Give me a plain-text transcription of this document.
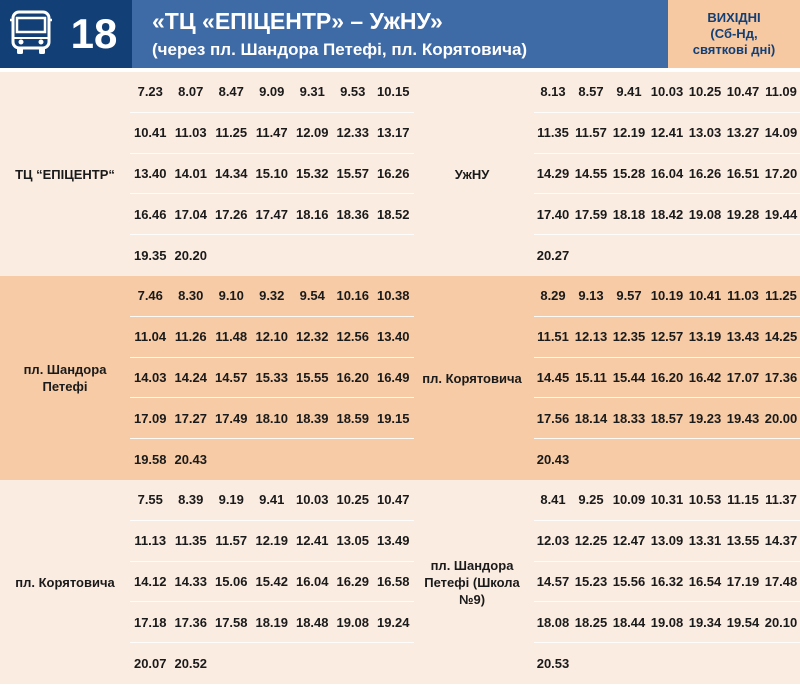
18	«ТЦ «ЕПІЦЕНТР» – УжНУ»
(через пл. Шандора Петефі, пл. Корятовича)
ВИХІДНІ
(Сб-Нд,
святкові дні)
ТЦ “ЕПІЦЕНТР“
7.23	8.07	8.47	9.09	9.31	9.53 10.15
10.41 11.03 11.25 11.47 12.09 12.33 13.17
13.40 14.01 14.34 15.10 15.32 15.57 16.26
16.46 17.04 17.26 17.47 18.16 18.36 18.52
19.35 20.20
УжНУ
8.13 8.57 9.41 10.03 10.25 10.47 11.09
11.35 11.57 12.19 12.41 13.03 13.27 14.09
14.29 14.55 15.28 16.04 16.26 16.51 17.20
17.40 17.59 18.18 18.42 19.08 19.28 19.44
20.27
пл. Шандора Петефі
7.46	8.30	9.10	9.32	9.54 10.16 10.38
11.04 11.26 11.48 12.10 12.32 12.56 13.40
14.03 14.24 14.57 15.33 15.55 16.20 16.49
17.09 17.27 17.49 18.10 18.39 18.59 19.15
19.58 20.43
пл. Корятовича
8.29 9.13 9.57 10.19 10.41 11.03 11.25
11.51 12.13 12.35 12.57 13.19 13.43 14.25
14.45 15.11 15.44 16.20 16.42 17.07 17.36
17.56 18.14 18.33 18.57 19.23 19.43 20.00
20.43
пл. Корятовича
7.55	8.39	9.19	9.41 10.03 10.25 10.47
11.13 11.35 11.57 12.19 12.41 13.05 13.49
14.12 14.33 15.06 15.42 16.04 16.29 16.58
17.18 17.36 17.58 18.19 18.48 19.08 19.24
20.07 20.52
пл. Шандора Петефі (Школа №9)
8.41 9.25 10.09 10.31 10.53 11.15 11.37
12.03 12.25 12.47 13.09 13.31 13.55 14.37
14.57 15.23 15.56 16.32 16.54 17.19 17.48
18.08 18.25 18.44 19.08 19.34 19.54 20.10
20.53
